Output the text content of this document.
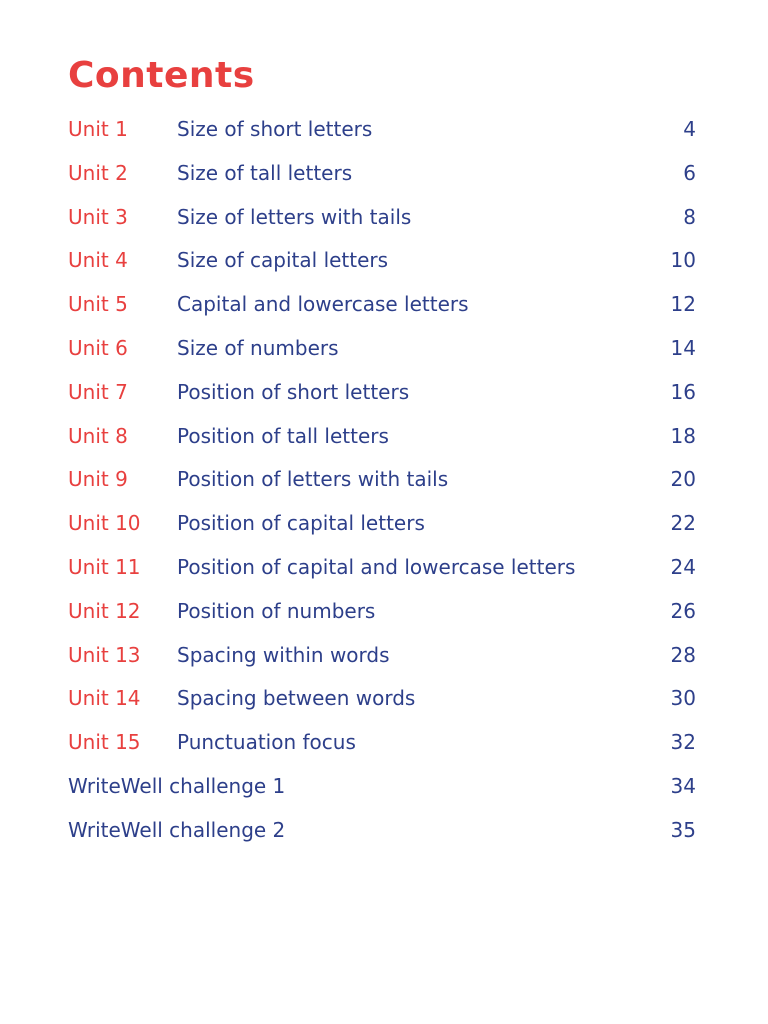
Contents
Unit 1 Size of short letters	4
Unit 2 Size of tall letters	6
Unit 3 Size of letters with tails	8
Unit 4 Size of capital letters	10
Unit 5 Capital and lowercase letters	12
Unit 6 Size of numbers	14
Unit 7 Position of short letters	16
Unit 8 Position of tall letters	18
Unit 9 Position of letters with tails	20
Unit 10 Position of capital letters	22
Unit 11 Position of capital and lowercase letters	24
Unit 12 Position of numbers	26
Unit 13 Spacing within words	28
Unit 14 Spacing between words	30
Unit 15 Punctuation focus	32
WriteWell challenge 1	34
WriteWell challenge 2	35
